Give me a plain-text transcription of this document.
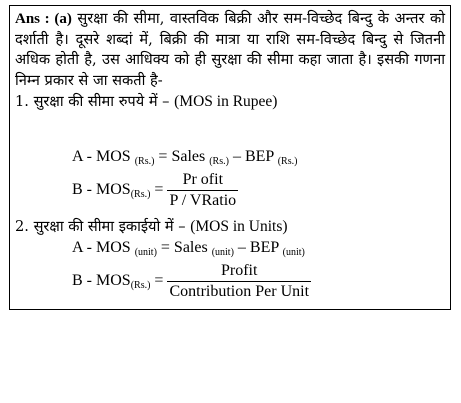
Ans : (a) सुरक्षा की सीमा, वास्तविक बिक्री और सम-विच्छेद बिन्दु के अन्तर को दर्शाती है। दूसरे शब्दां में, बिक्री की मात्रा या राशि सम-विच्छेद बिन्दु से जितनी अधिक होती है, उस आधिक्य को ही सुरक्षा की सीमा कहा जाता है। इसकी गणना निम्न प्रकार से जा सकती है-

1. सुरक्षा की सीमा रुपये में – (MOS in Rupee)
A - MOS (Rs.) = Sales (Rs.) – BEP (Rs.)
$B - MOS(Rs.) = \frac{\text{Pr ofit}}{\text{P / VRatio}}$
2. सुरक्षा की सीमा इकाईयो में – (MOS in Units)
A - MOS (unit) = Sales (unit) – BEP (unit)
$B - MOS(Rs.) = \frac{\text{Profit}}{\text{Contribution Per Unit}}$
